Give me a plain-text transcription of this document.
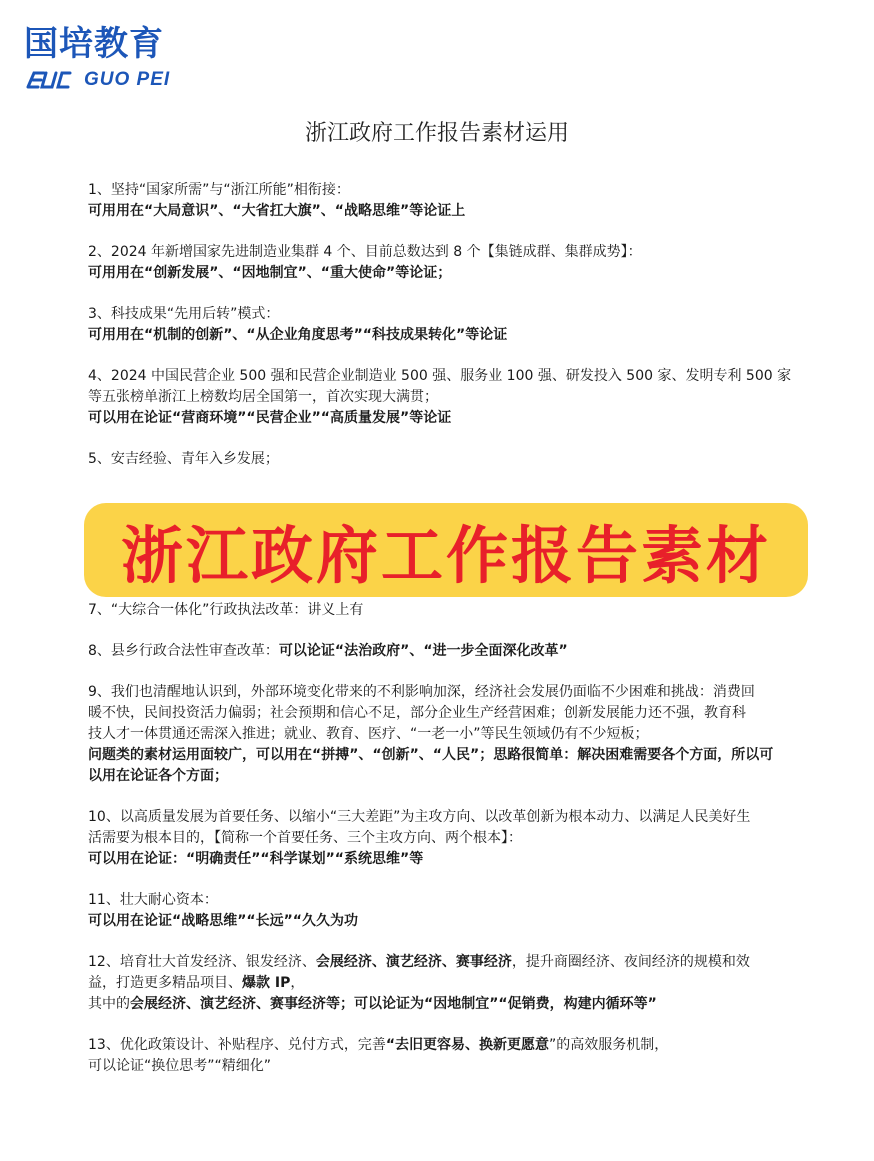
国培教育
GUO PEI
浙江政府工作报告素材运用
1、坚持“国家所需”与“浙江所能”相衔接：
可用用在“大局意识”、“大省扛大旗”、“战略思维”等论证上
2、2024 年新增国家先进制造业集群 4 个、目前总数达到 8 个【集链成群、集群成势】：
可用用在“创新发展”、“因地制宜”、“重大使命”等论证；
3、科技成果“先用后转”模式：
可用用在“机制的创新”、“从企业角度思考”“科技成果转化”等论证
4、2024 中国民营企业 500 强和民营企业制造业 500 强、服务业 100 强、研发投入 500 家、发明专利 500 家
等五张榜单浙江上榜数均居全国第一，首次实现大满贯；
可以用在论证“营商环境”“民营企业”“高质量发展”等论证
5、安吉经验、青年入乡发展；
浙江政府工作报告素材
7、“大综合一体化”行政执法改革：讲义上有
8、县乡行政合法性审查改革：可以论证“法治政府”、“进一步全面深化改革”
9、我们也清醒地认识到，外部环境变化带来的不利影响加深，经济社会发展仍面临不少困难和挑战：消费回
暖不快，民间投资活力偏弱；社会预期和信心不足，部分企业生产经营困难；创新发展能力还不强，教育科
技人才一体贯通还需深入推进；就业、教育、医疗、“一老一小”等民生领域仍有不少短板；
问题类的素材运用面较广，可以用在“拼搏”、“创新”、“人民”；思路很简单：解决困难需要各个方面，所以可
以用在论证各个方面；
10、以高质量发展为首要任务、以缩小“三大差距”为主攻方向、以改革创新为根本动力、以满足人民美好生
活需要为根本目的，【简称一个首要任务、三个主攻方向、两个根本】：
可以用在论证：“明确责任”“科学谋划”“系统思维”等
11、壮大耐心资本：
可以用在论证“战略思维”“长远”“久久为功
12、培育壮大首发经济、银发经济、会展经济、演艺经济、赛事经济，提升商圈经济、夜间经济的规模和效
益，打造更多精品项目、爆款 IP，
其中的会展经济、演艺经济、赛事经济等；可以论证为“因地制宜”“促销费，构建内循环等”
13、优化政策设计、补贴程序、兑付方式，完善“去旧更容易、换新更愿意”的高效服务机制，
可以论证“换位思考”“精细化”
